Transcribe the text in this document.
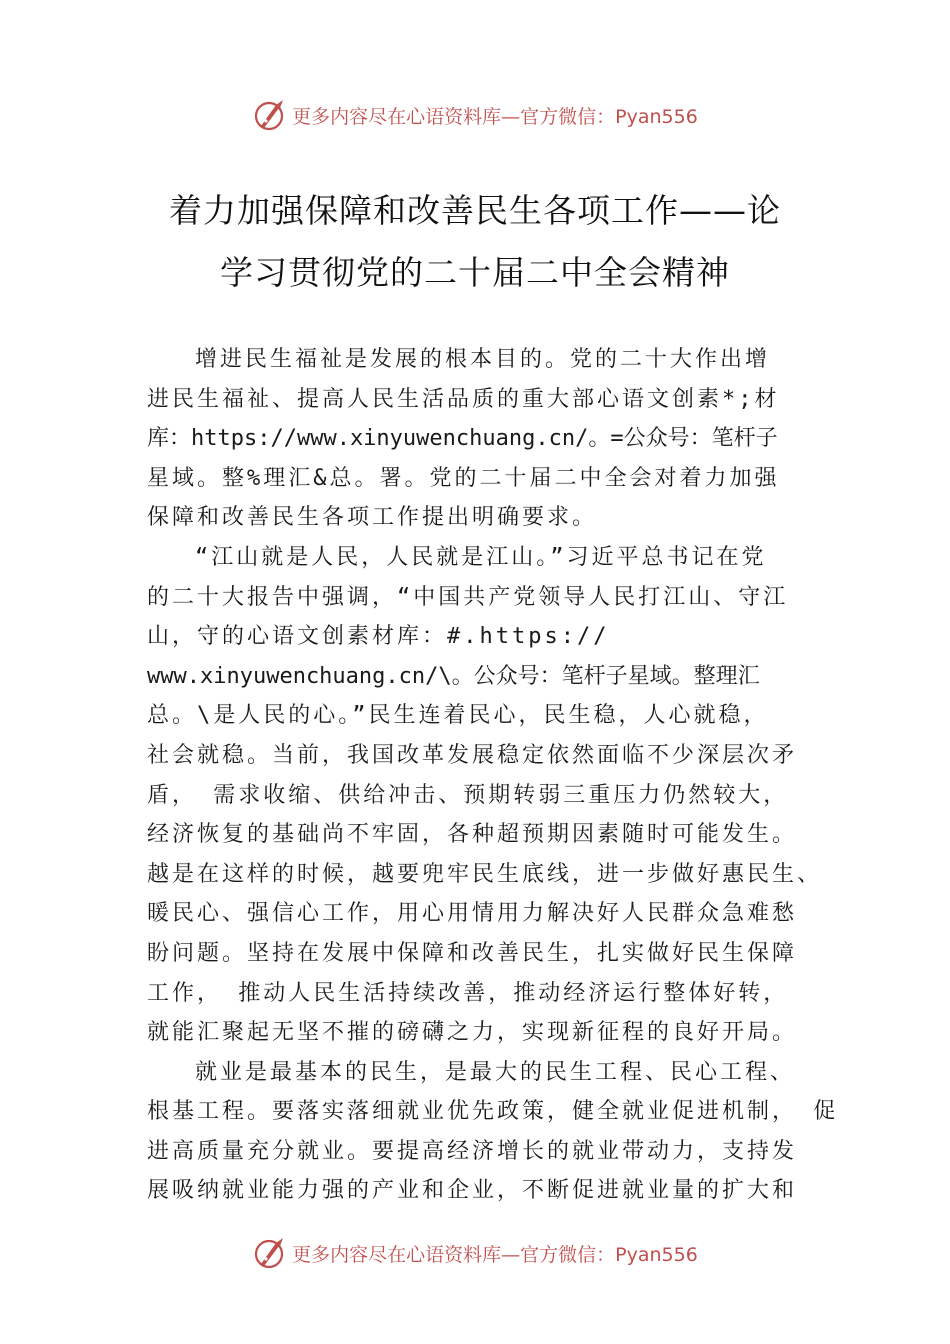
更多内容尽在心语资料库—官方微信：Pyan556
着力加强保障和改善民生各项工作——论
学习贯彻党的二十届二中全会精神
增进民生福祉是发展的根本目的。党的二十大作出增
进民生福祉、提高人民生活品质的重大部心语文创素*;材
库：https://www.xinyuwenchuang.cn/。=公众号：笔杆子
星域。整%理汇&总。署。党的二十届二中全会对着力加强
保障和改善民生各项工作提出明确要求。
“江山就是人民，人民就是江山。”习近平总书记在党
的二十大报告中强调，“中国共产党领导人民打江山、守江
山，守的心语文创素材库：#.https://
www.xinyuwenchuang.cn/\。公众号：笔杆子星域。整理汇
总。\是人民的心。”民生连着民心，民生稳，人心就稳，
社会就稳。当前，我国改革发展稳定依然面临不少深层次矛
盾， 需求收缩、供给冲击、预期转弱三重压力仍然较大，
经济恢复的基础尚不牢固，各种超预期因素随时可能发生。
越是在这样的时候，越要兜牢民生底线，进一步做好惠民生、
暖民心、强信心工作，用心用情用力解决好人民群众急难愁
盼问题。坚持在发展中保障和改善民生，扎实做好民生保障
工作， 推动人民生活持续改善，推动经济运行整体好转，
就能汇聚起无坚不摧的磅礴之力，实现新征程的良好开局。
就业是最基本的民生，是最大的民生工程、民心工程、
根基工程。要落实落细就业优先政策，健全就业促进机制， 促
进高质量充分就业。要提高经济增长的就业带动力，支持发
展吸纳就业能力强的产业和企业，不断促进就业量的扩大和
更多内容尽在心语资料库—官方微信：Pyan556
